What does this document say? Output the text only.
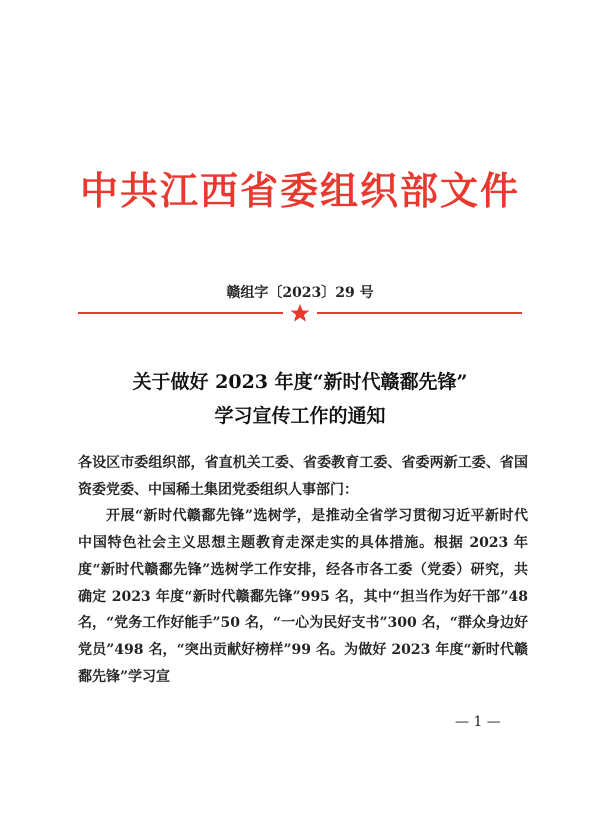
中共江西省委组织部文件
赣组字〔2023〕29 号
关于做好 2023 年度“新时代赣鄱先锋”
学习宣传工作的通知

各设区市委组织部，省直机关工委、省委教育工委、省委两新工委、省国资委党委、中国稀土集团党委组织人事部门：

开展“新时代赣鄱先锋”选树学，是推动全省学习贯彻习近平新时代中国特色社会主义思想主题教育走深走实的具体措施。根据 2023 年度“新时代赣鄱先锋”选树学工作安排，经各市各工委（党委）研究，共确定 2023 年度“新时代赣鄱先锋”995 名，其中“担当作为好干部”48 名，“党务工作好能手”50 名，“一心为民好支书”300 名，“群众身边好党员”498 名，“突出贡献好榜样”99 名。为做好 2023 年度“新时代赣鄱先锋”学习宣

— 1 —
